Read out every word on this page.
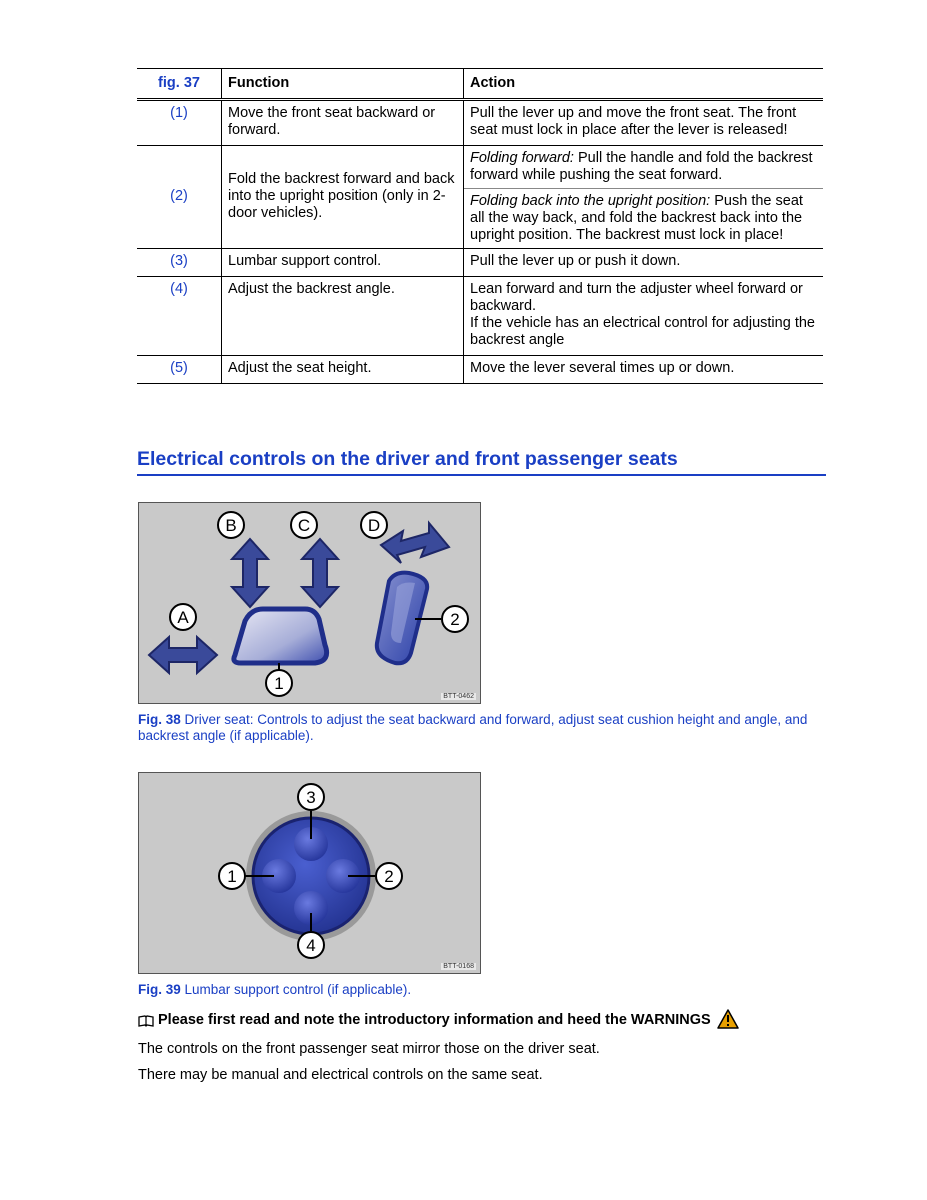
fig. 37	Function	Action
(1)	Move the front seat backward or forward.	Pull the lever up and move the front seat. The front seat must lock in place after the lever is released!
(2)	Fold the backrest forward and back into the upright position (only in 2-door vehicles).	Folding forward: Pull the handle and fold the backrest forward while pushing the seat forward.
Folding back into the upright position: Push the seat all the way back, and fold the backrest back into the upright position. The backrest must lock in place!

(3)	Lumbar support control.	Pull the lever up or push it down.
(4)	Adjust the backrest angle.	Lean forward and turn the adjuster wheel forward or backward.
If the vehicle has an electrical control for adjusting the backrest angle

(5)	Adjust the seat height.	Move the lever several times up or down.
Electrical controls on the driver and front passenger seats
A
B	C	D
1
2
BTT-0462
Fig. 38 Driver seat: Controls to adjust the seat backward and forward, adjust seat cushion height and angle, and backrest angle (if applicable).
3
4
1	2
BTT-0168
Fig. 39 Lumbar support control (if applicable).
Please first read and note the introductory information and heed the WARNINGS
The controls on the front passenger seat mirror those on the driver seat.
There may be manual and electrical controls on the same seat.
